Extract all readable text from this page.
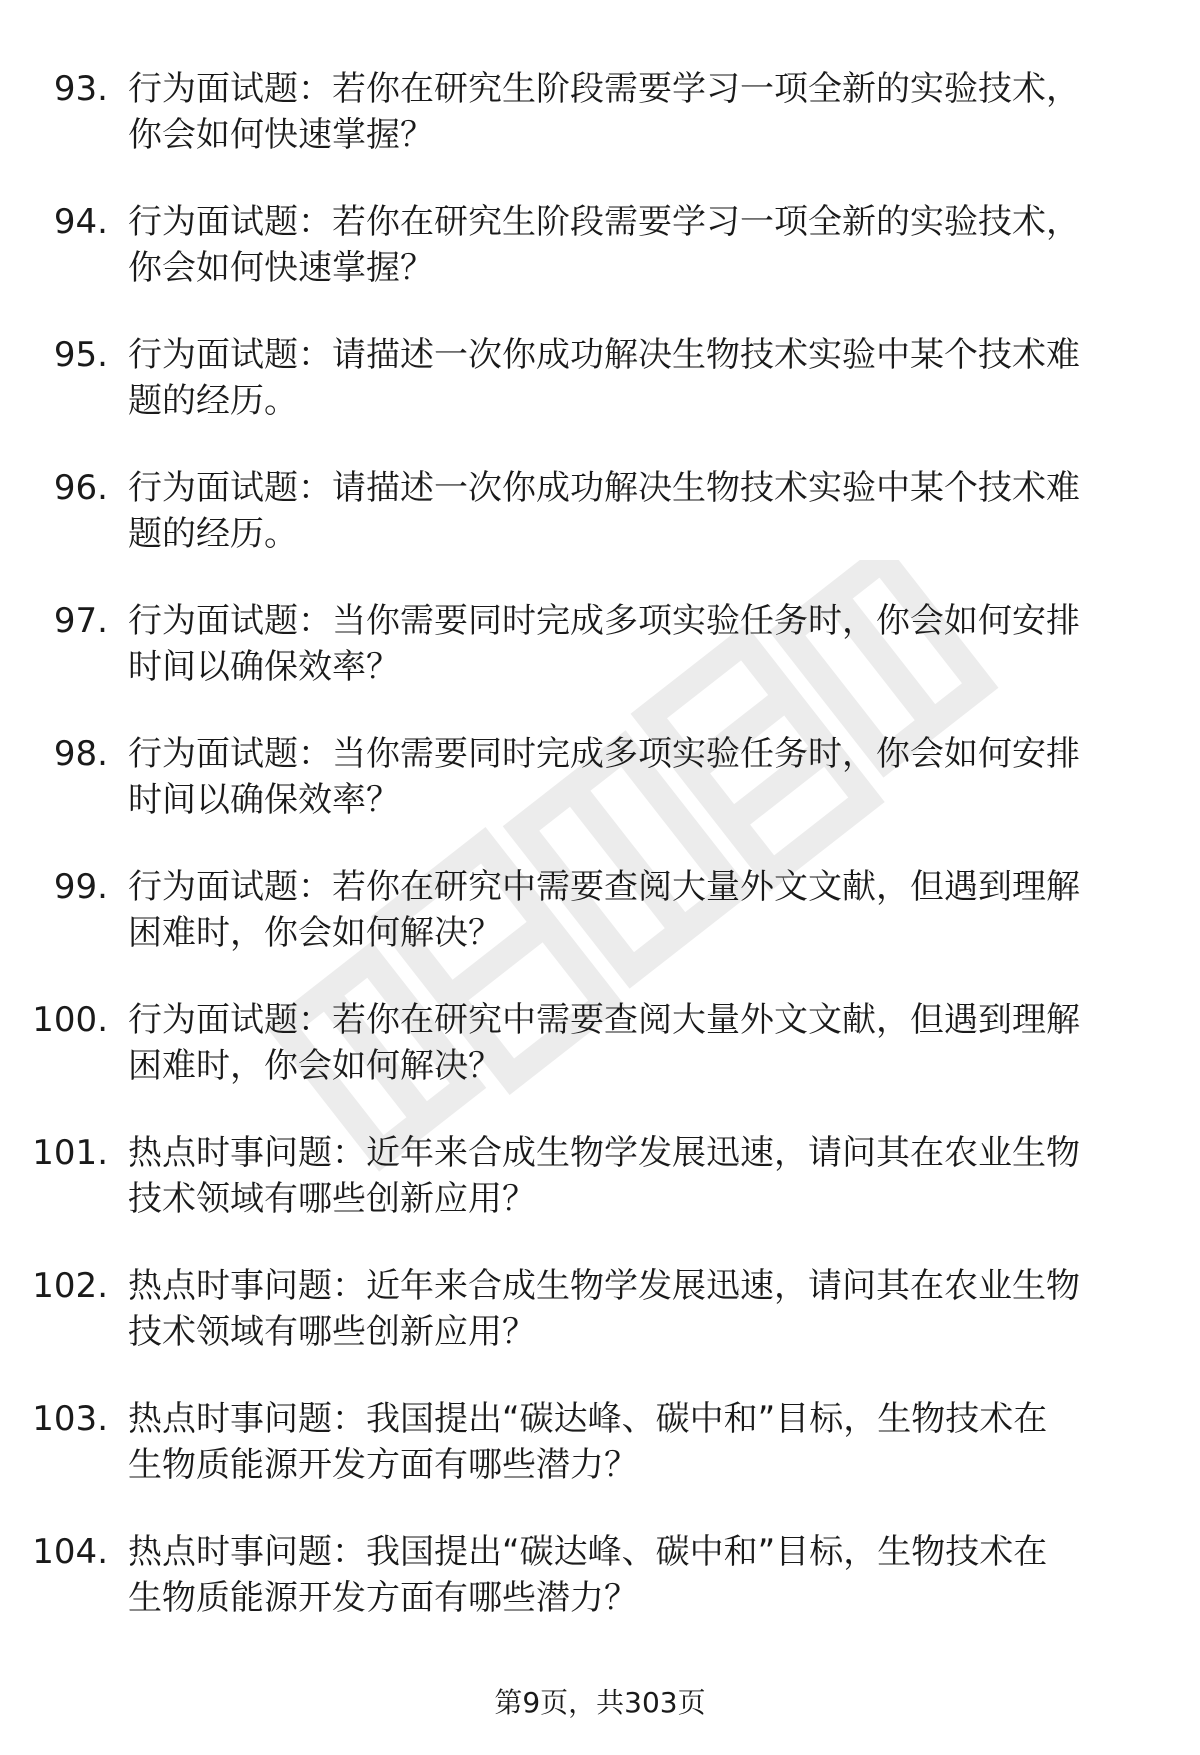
93. 行为面试题：若你在研究生阶段需要学习一项全新的实验技术，
你会如何快速掌握？

94. 行为面试题：若你在研究生阶段需要学习一项全新的实验技术，
你会如何快速掌握？

95. 行为面试题：请描述一次你成功解决生物技术实验中某个技术难
题的经历。

96. 行为面试题：请描述一次你成功解决生物技术实验中某个技术难
题的经历。

97. 行为面试题：当你需要同时完成多项实验任务时，你会如何安排
时间以确保效率？

98. 行为面试题：当你需要同时完成多项实验任务时，你会如何安排
时间以确保效率？

99. 行为面试题：若你在研究中需要查阅大量外文文献，但遇到理解
困难时，你会如何解决？

100. 行为面试题：若你在研究中需要查阅大量外文文献，但遇到理解
困难时，你会如何解决？

101. 热点时事问题：近年来合成生物学发展迅速，请问其在农业生物
技术领域有哪些创新应用？

102. 热点时事问题：近年来合成生物学发展迅速，请问其在农业生物
技术领域有哪些创新应用？

103. 热点时事问题：我国提出“碳达峰、碳中和”目标，生物技术在
生物质能源开发方面有哪些潜力？

104. 热点时事问题：我国提出“碳达峰、碳中和”目标，生物技术在
生物质能源开发方面有哪些潜力？

第9页，共303页
